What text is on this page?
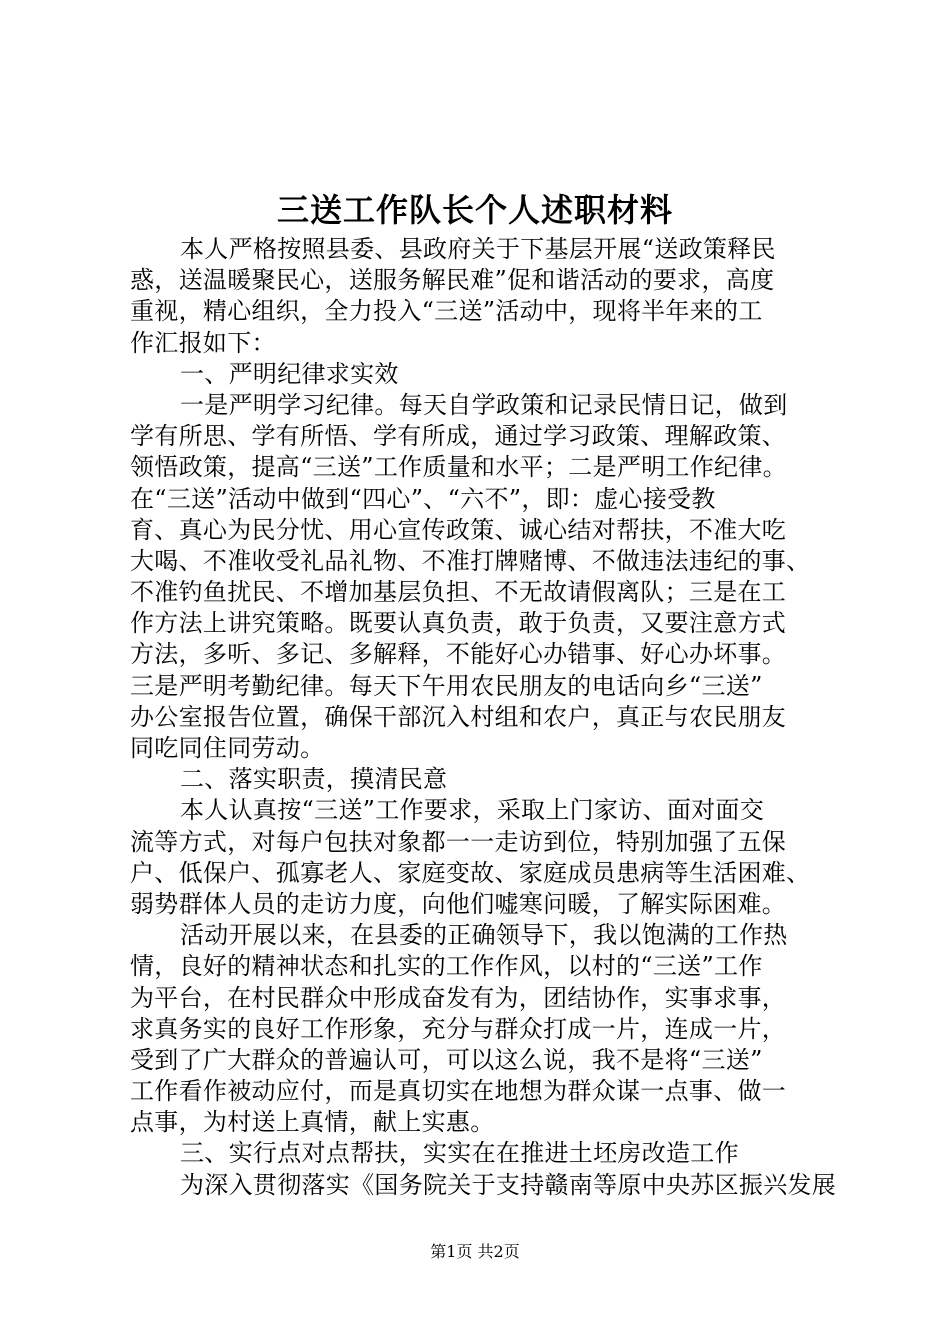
三送工作队长个人述职材料
本人严格按照县委、县政府关于下基层开展“送政策释民
惑，送温暖聚民心，送服务解民难”促和谐活动的要求，高度
重视，精心组织，全力投入“三送”活动中，现将半年来的工
作汇报如下：
一、严明纪律求实效
一是严明学习纪律。每天自学政策和记录民情日记，做到
学有所思、学有所悟、学有所成，通过学习政策、理解政策、
领悟政策，提高“三送”工作质量和水平；二是严明工作纪律。
在“三送”活动中做到“四心”、“六不”，即：虚心接受教
育、真心为民分忧、用心宣传政策、诚心结对帮扶，不准大吃
大喝、不准收受礼品礼物、不准打牌赌博、不做违法违纪的事、
不准钓鱼扰民、不增加基层负担、不无故请假离队；三是在工
作方法上讲究策略。既要认真负责，敢于负责，又要注意方式
方法，多听、多记、多解释，不能好心办错事、好心办坏事。
三是严明考勤纪律。每天下午用农民朋友的电话向乡“三送”
办公室报告位置，确保干部沉入村组和农户，真正与农民朋友
同吃同住同劳动。
二、落实职责，摸清民意
本人认真按“三送”工作要求，采取上门家访、面对面交
流等方式，对每户包扶对象都一一走访到位，特别加强了五保
户、低保户、孤寡老人、家庭变故、家庭成员患病等生活困难、
弱势群体人员的走访力度，向他们嘘寒问暖，了解实际困难。
活动开展以来，在县委的正确领导下，我以饱满的工作热
情，良好的精神状态和扎实的工作作风，以村的“三送”工作
为平台，在村民群众中形成奋发有为，团结协作，实事求事，
求真务实的良好工作形象，充分与群众打成一片，连成一片，
受到了广大群众的普遍认可，可以这么说，我不是将“三送”
工作看作被动应付，而是真切实在地想为群众谋一点事、做一
点事，为村送上真情，献上实惠。
三、实行点对点帮扶，实实在在推进土坯房改造工作
为深入贯彻落实《国务院关于支持赣南等原中央苏区振兴发展
第1页 共2页
